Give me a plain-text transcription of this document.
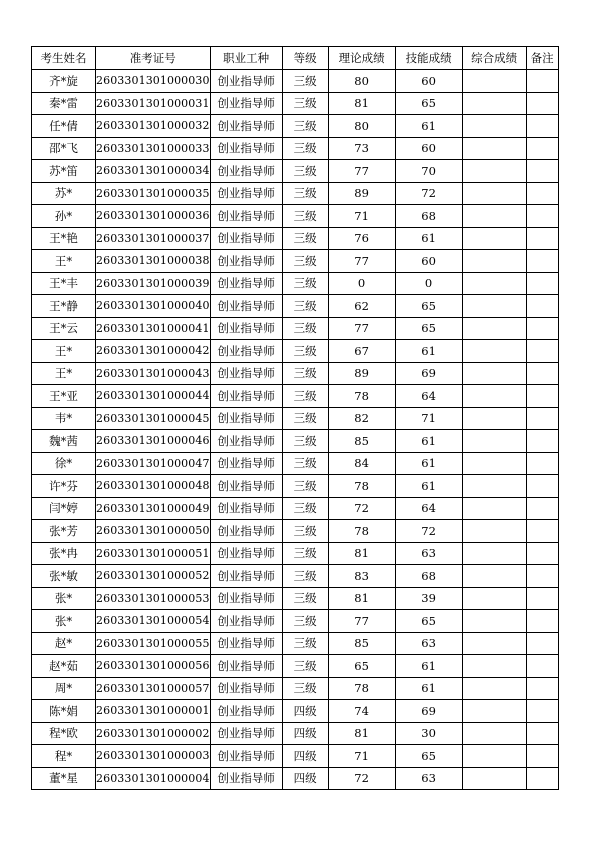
考生姓名	准考证号	职业工种	等级	理论成绩	技能成绩	综合成绩	备注
齐*旋	2603301301000030	创业指导师	三级	80	60		
秦*雷	2603301301000031	创业指导师	三级	81	65		
任*倩	2603301301000032	创业指导师	三级	80	61		
邵*飞	2603301301000033	创业指导师	三级	73	60		
苏*笛	2603301301000034	创业指导师	三级	77	70		
苏*	2603301301000035	创业指导师	三级	89	72		
孙*	2603301301000036	创业指导师	三级	71	68		
王*艳	2603301301000037	创业指导师	三级	76	61		
王*	2603301301000038	创业指导师	三级	77	60		
王*丰	2603301301000039	创业指导师	三级	0	0		
王*静	2603301301000040	创业指导师	三级	62	65		
王*云	2603301301000041	创业指导师	三级	77	65		
王*	2603301301000042	创业指导师	三级	67	61		
王*	2603301301000043	创业指导师	三级	89	69		
王*亚	2603301301000044	创业指导师	三级	78	64		
韦*	2603301301000045	创业指导师	三级	82	71		
魏*茜	2603301301000046	创业指导师	三级	85	61		
徐*	2603301301000047	创业指导师	三级	84	61		
许*芬	2603301301000048	创业指导师	三级	78	61		
闫*婷	2603301301000049	创业指导师	三级	72	64		
张*芳	2603301301000050	创业指导师	三级	78	72		
张*冉	2603301301000051	创业指导师	三级	81	63		
张*敏	2603301301000052	创业指导师	三级	83	68		
张*	2603301301000053	创业指导师	三级	81	39		
张*	2603301301000054	创业指导师	三级	77	65		
赵*	2603301301000055	创业指导师	三级	85	63		
赵*茹	2603301301000056	创业指导师	三级	65	61		
周*	2603301301000057	创业指导师	三级	78	61		
陈*娟	2603301301000001	创业指导师	四级	74	69		
程*欧	2603301301000002	创业指导师	四级	81	30		
程*	2603301301000003	创业指导师	四级	71	65		
董*星	2603301301000004	创业指导师	四级	72	63		
